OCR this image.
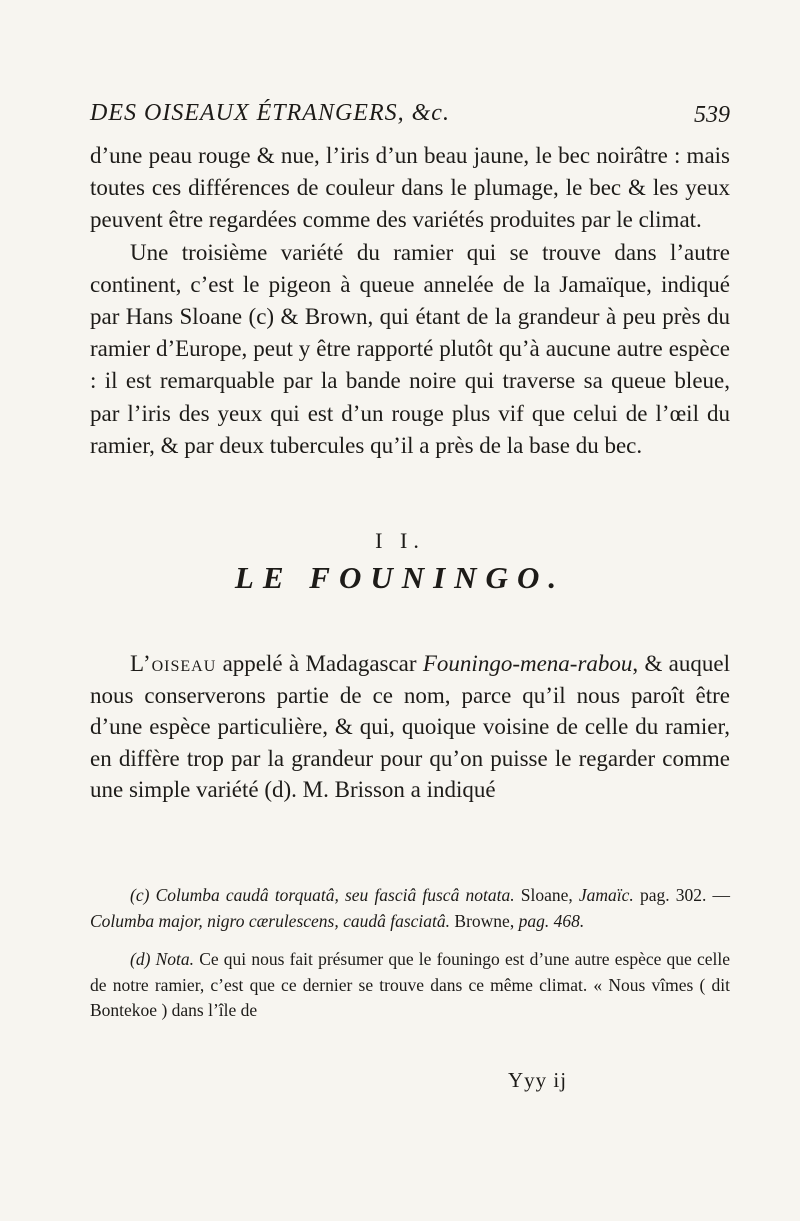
DES OISEAUX ÉTRANGERS, &c.	539

d’une peau rouge & nue, l’iris d’un beau jaune, le bec noirâtre : mais toutes ces différences de couleur dans le plumage, le bec & les yeux peuvent être regardées comme des variétés produites par le climat.

Une troisième variété du ramier qui se trouve dans l’autre continent, c’est le pigeon à queue annelée de la Jamaïque, indiqué par Hans Sloane (c) & Brown, qui étant de la grandeur à peu près du ramier d’Europe, peut y être rapporté plutôt qu’à aucune autre espèce : il est remarquable par la bande noire qui traverse sa queue bleue, par l’iris des yeux qui est d’un rouge plus vif que celui de l’œil du ramier, & par deux tubercules qu’il a près de la base du bec.

I I.
LE FOUNINGO.

L’oiseau appelé à Madagascar Founingo-mena-rabou, & auquel nous conserverons partie de ce nom, parce qu’il nous paroît être d’une espèce particulière, & qui, quoique voisine de celle du ramier, en diffère trop par la grandeur pour qu’on puisse le regarder comme une simple variété (d). M. Brisson a indiqué

(c) Columba caudâ torquatâ, seu fasciâ fuscâ notata. Sloane, Jamaïc. pag. 302. —Columba major, nigro cærulescens, caudâ fasciatâ. Browne, pag. 468.

(d) Nota. Ce qui nous fait présumer que le founingo est d’une autre espèce que celle de notre ramier, c’est que ce dernier se trouve dans ce même climat. « Nous vîmes ( dit Bontekoe ) dans l’île de

Yyy ij
